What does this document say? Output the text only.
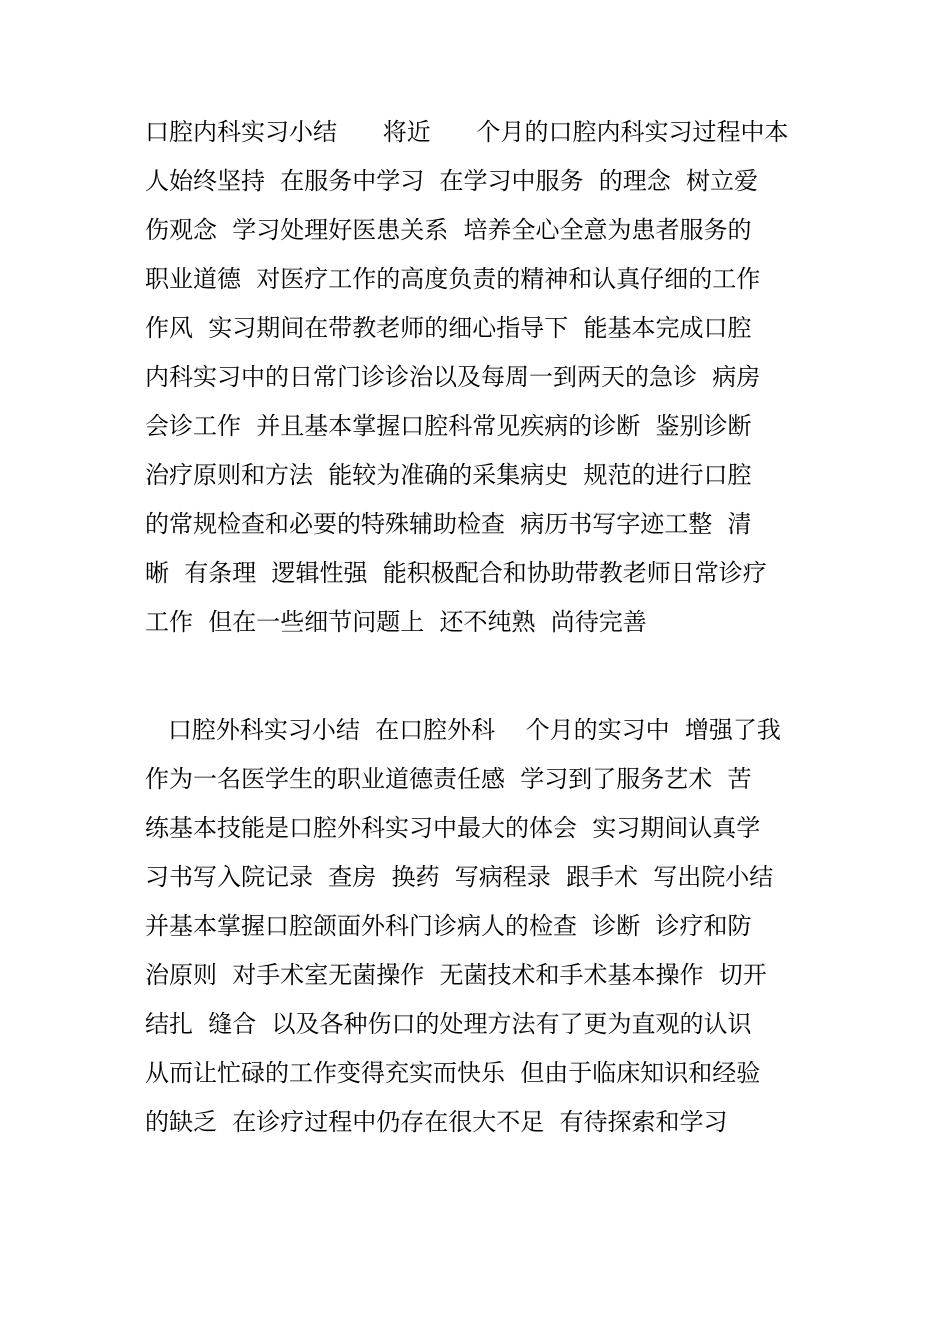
口腔内科实习小结      将近      个月的口腔内科实习过程中本
人始终坚持  在服务中学习  在学习中服务  的理念  树立爱
伤观念  学习处理好医患关系  培养全心全意为患者服务的
职业道德  对医疗工作的高度负责的精神和认真仔细的工作
作风  实习期间在带教老师的细心指导下  能基本完成口腔
内科实习中的日常门诊诊治以及每周一到两天的急诊  病房
会诊工作  并且基本掌握口腔科常见疾病的诊断  鉴别诊断
治疗原则和方法  能较为准确的采集病史  规范的进行口腔
的常规检查和必要的特殊辅助检查  病历书写字迹工整  清
晰  有条理  逻辑性强  能积极配合和协助带教老师日常诊疗
工作  但在一些细节问题上  还不纯熟  尚待完善
口腔外科实习小结  在口腔外科    个月的实习中  增强了我
作为一名医学生的职业道德责任感  学习到了服务艺术  苦
练基本技能是口腔外科实习中最大的体会  实习期间认真学
习书写入院记录  查房  换药  写病程录  跟手术  写出院小结
并基本掌握口腔颌面外科门诊病人的检查  诊断  诊疗和防
治原则  对手术室无菌操作  无菌技术和手术基本操作  切开
结扎  缝合  以及各种伤口的处理方法有了更为直观的认识
从而让忙碌的工作变得充实而快乐  但由于临床知识和经验
的缺乏  在诊疗过程中仍存在很大不足  有待探索和学习
